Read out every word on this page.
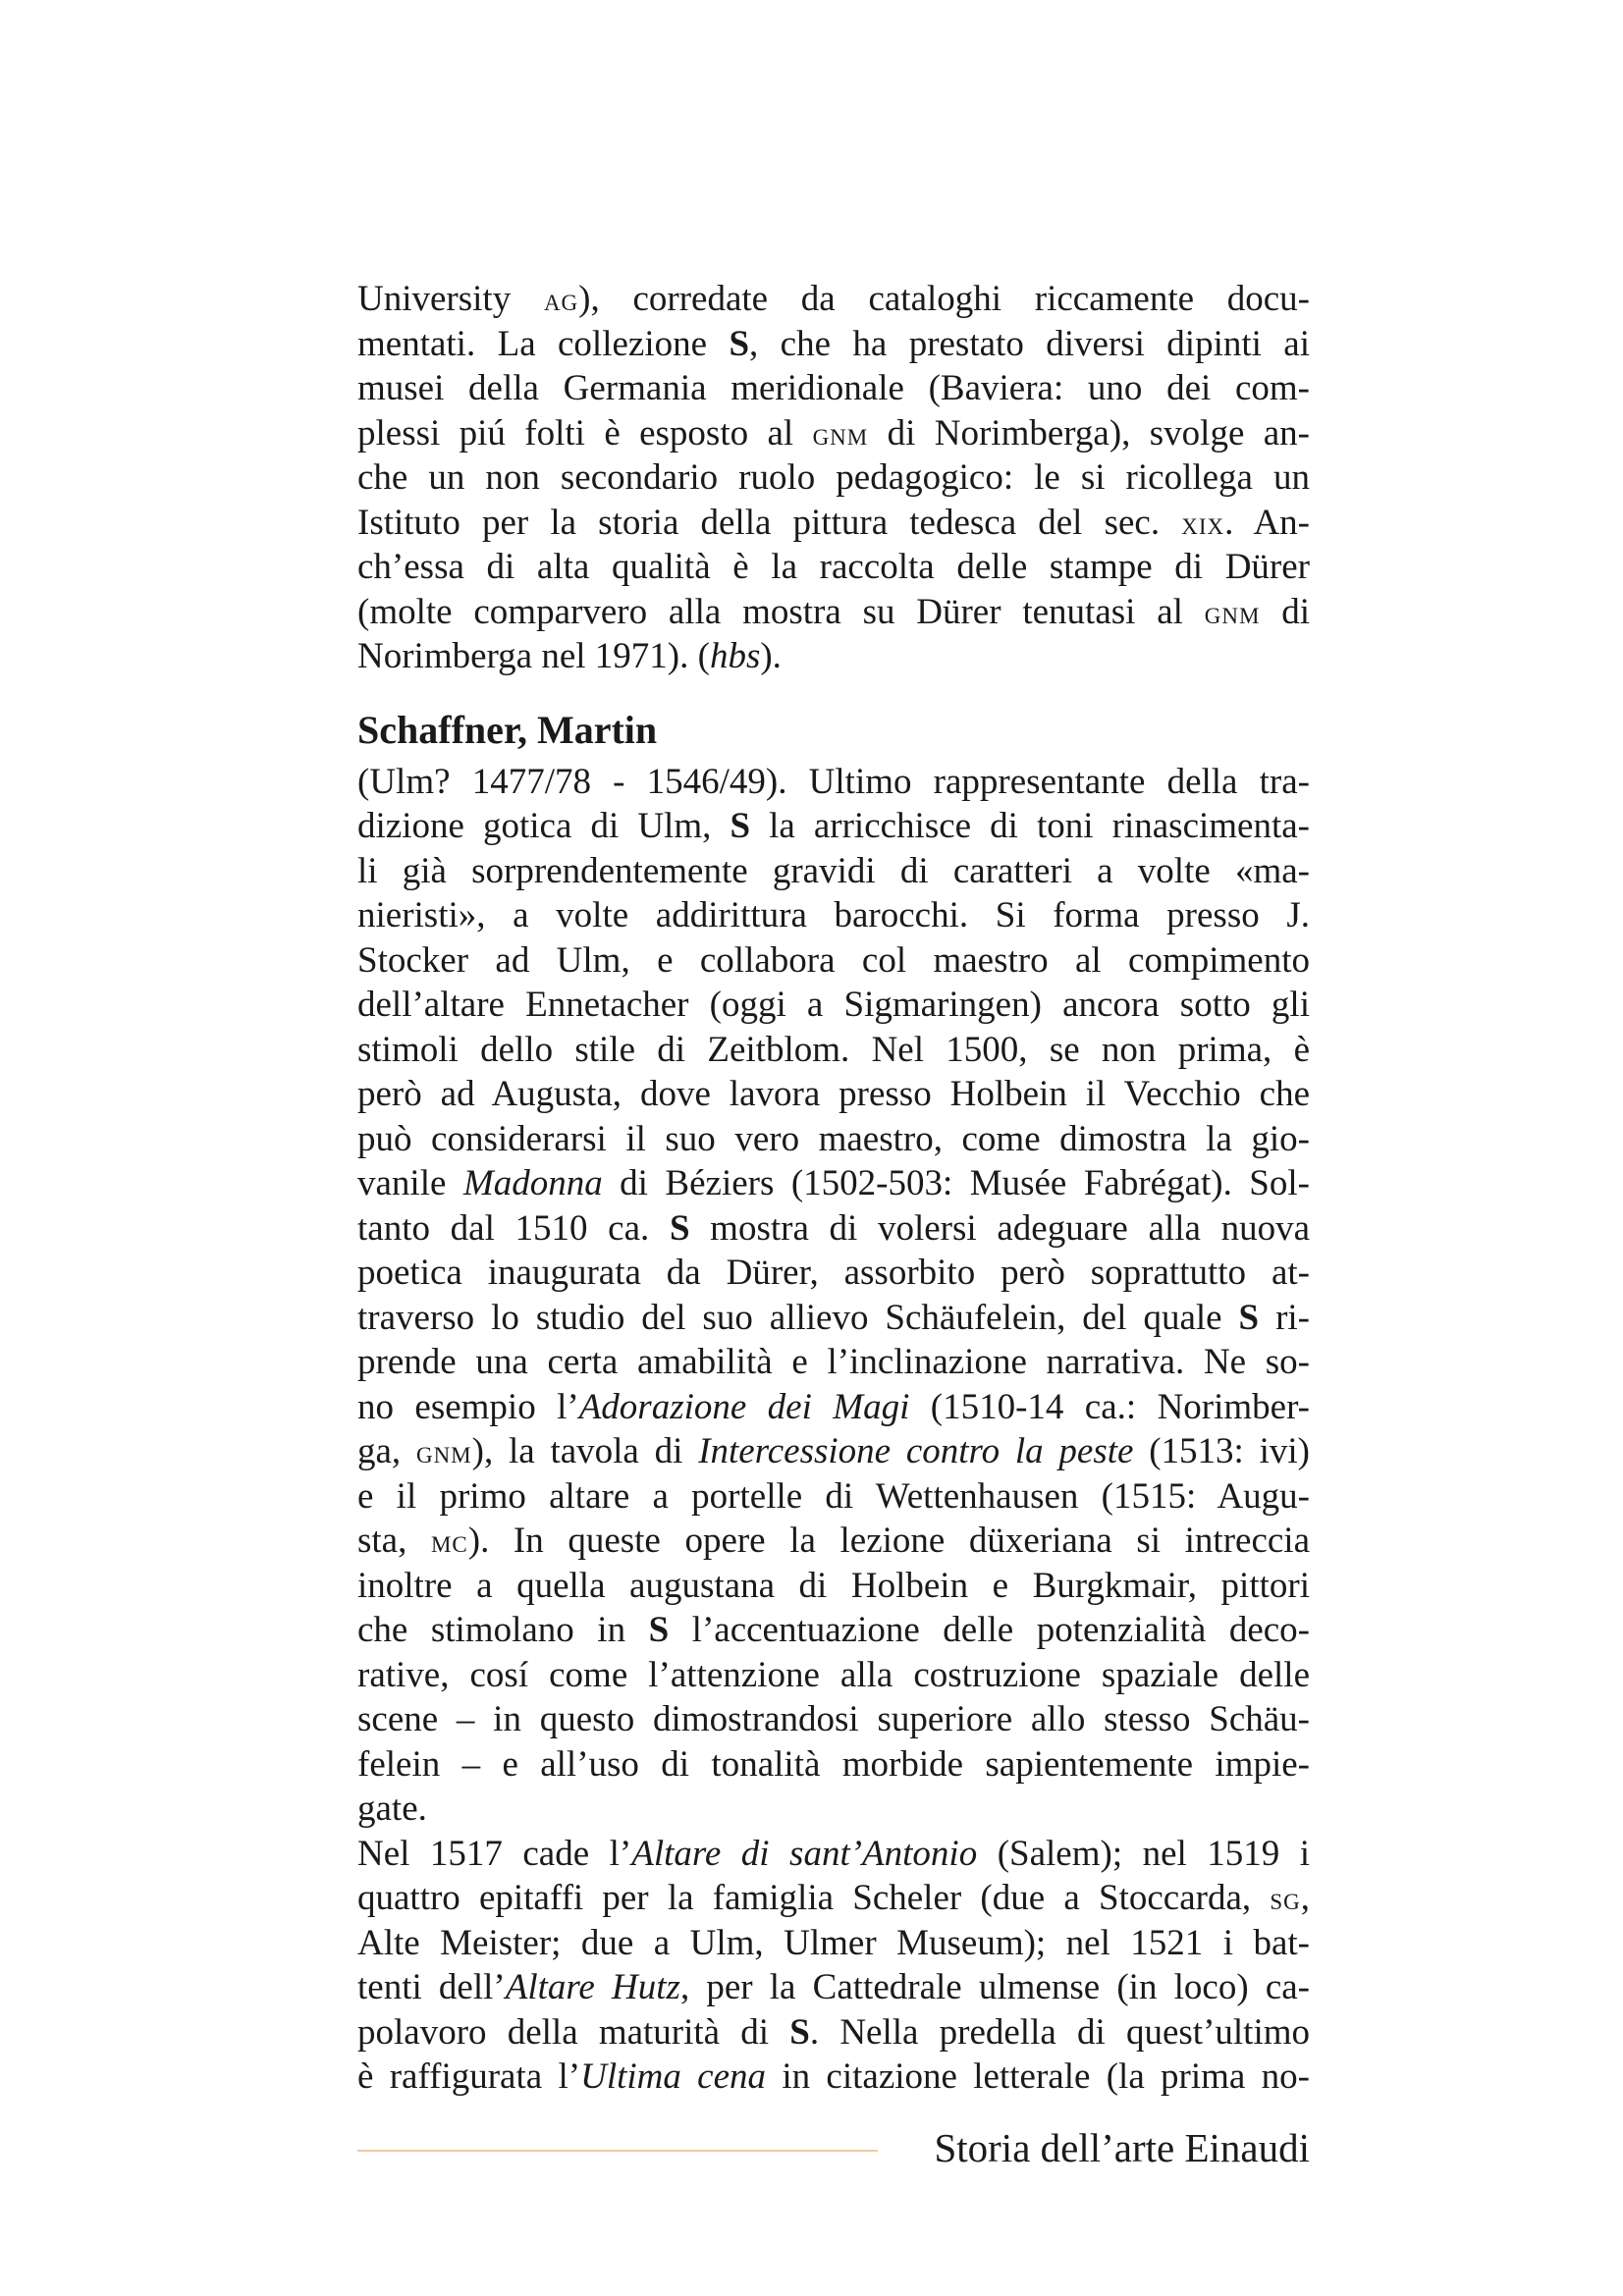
University ag), corredate da cataloghi riccamente docu-
mentati. La collezione S, che ha prestato diversi dipinti ai
musei della Germania meridionale (Baviera: uno dei com-
plessi piú folti è esposto al gnm di Norimberga), svolge an-
che un non secondario ruolo pedagogico: le si ricollega un
Istituto per la storia della pittura tedesca del sec. xix. An-
ch’essa di alta qualità è la raccolta delle stampe di Dürer
(molte comparvero alla mostra su Dürer tenutasi al gnm di
Norimberga nel 1971). (hbs).
Schaffner, Martin
(Ulm? 1477/78 - 1546/49). Ultimo rappresentante della tra-
dizione gotica di Ulm, S la arricchisce di toni rinascimenta-
li già sorprendentemente gravidi di caratteri a volte «ma-
nieristi», a volte addirittura barocchi. Si forma presso J.
Stocker ad Ulm, e collabora col maestro al compimento
dell’altare Ennetacher (oggi a Sigmaringen) ancora sotto gli
stimoli dello stile di Zeitblom. Nel 1500, se non prima, è
però ad Augusta, dove lavora presso Holbein il Vecchio che
può considerarsi il suo vero maestro, come dimostra la gio-
vanile Madonna di Béziers (1502-503: Musée Fabrégat). Sol-
tanto dal 1510 ca. S mostra di volersi adeguare alla nuova
poetica inaugurata da Dürer, assorbito però soprattutto at-
traverso lo studio del suo allievo Schäufelein, del quale S ri-
prende una certa amabilità e l’inclinazione narrativa. Ne so-
no esempio l’Adorazione dei Magi (1510-14 ca.: Norimber-
ga, gnm), la tavola di Intercessione contro la peste (1513: ivi)
e il primo altare a portelle di Wettenhausen (1515: Augu-
sta, mc). In queste opere la lezione düxeriana si intreccia
inoltre a quella augustana di Holbein e Burgkmair, pittori
che stimolano in S l’accentuazione delle potenzialità deco-
rative, cosí come l’attenzione alla costruzione spaziale delle
scene – in questo dimostrandosi superiore allo stesso Schäu-
felein – e all’uso di tonalità morbide sapientemente impie-
gate.
Nel 1517 cade l’Altare di sant’Antonio (Salem); nel 1519 i
quattro epitaffi per la famiglia Scheler (due a Stoccarda, sg,
Alte Meister; due a Ulm, Ulmer Museum); nel 1521 i bat-
tenti dell’Altare Hutz, per la Cattedrale ulmense (in loco) ca-
polavoro della maturità di S. Nella predella di quest’ultimo
è raffigurata l’Ultima cena in citazione letterale (la prima no-
Storia dell’arte Einaudi
